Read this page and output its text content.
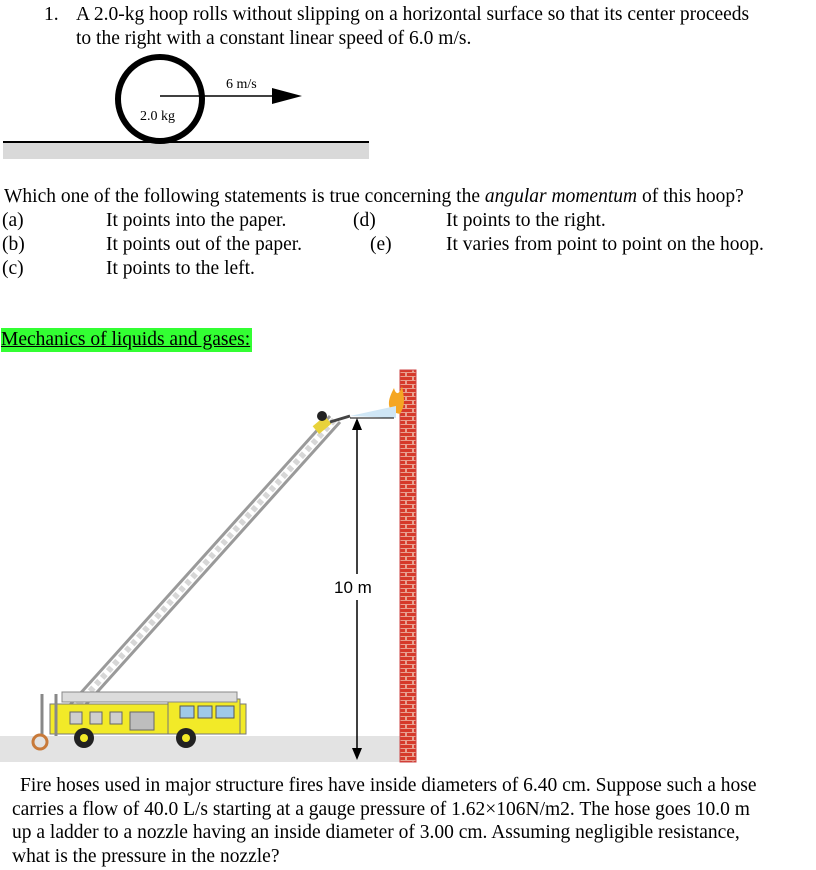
1. A 2.0-kg hoop rolls without slipping on a horizontal surface so that its center proceeds
to the right with a constant linear speed of 6.0 m/s.
6 m/s
2.0 kg
Which one of the following statements is true concerning the angular momentum of this hoop?
(a)	It points into the paper.	(d)	It points to the right.
(b)	It points out of the paper.	(e)	It varies from point to point on the hoop.
(c)	It points to the left.
Mechanics of liquids and gases:
10 m
Fire hoses used in major structure fires have inside diameters of 6.40 cm. Suppose such a hose
carries a flow of 40.0 L/s starting at a gauge pressure of 1.62×106N/m2. The hose goes 10.0 m
up a ladder to a nozzle having an inside diameter of 3.00 cm. Assuming negligible resistance,
what is the pressure in the nozzle?
